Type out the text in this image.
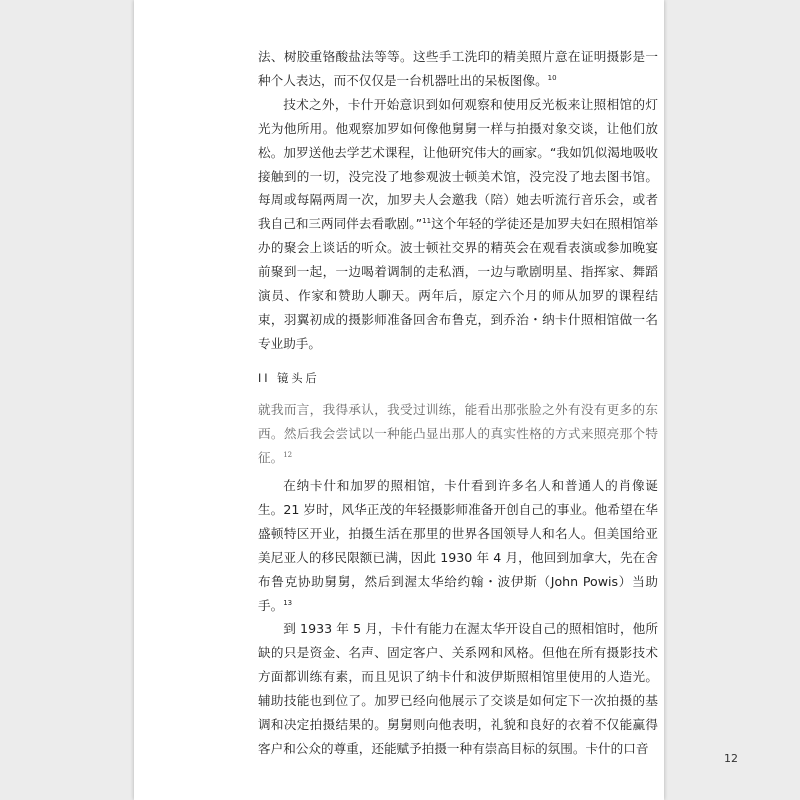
法、树胶重铬酸盐法等等。这些手工洗印的精美照片意在证明摄影是一种个人表达，而不仅仅是一台机器吐出的呆板图像。$^{10}$

技术之外，卡什开始意识到如何观察和使用反光板来让照相馆的灯光为他所用。他观察加罗如何像他舅舅一样与拍摄对象交谈，让他们放松。加罗送他去学艺术课程，让他研究伟大的画家。“我如饥似渴地吸收接触到的一切，没完没了地参观波士顿美术馆，没完没了地去图书馆。每周或每隔两周一次，加罗夫人会邀我（陪）她去听流行音乐会，或者我自己和三两同伴去看歌剧。”$^{11}$这个年轻的学徒还是加罗夫妇在照相馆举办的聚会上谈话的听众。波士顿社交界的精英会在观看表演或参加晚宴前聚到一起，一边喝着调制的走私酒，一边与歌剧明星、指挥家、舞蹈演员、作家和赞助人聊天。两年后，原定六个月的师从加罗的课程结束，羽翼初成的摄影师准备回舍布鲁克，到乔治・纳卡什照相馆做一名专业助手。

II 镜头后

就我而言，我得承认，我受过训练，能看出那张脸之外有没有更多的东西。然后我会尝试以一种能凸显出那人的真实性格的方式来照亮那个特征。$^{12}$

在纳卡什和加罗的照相馆，卡什看到许多名人和普通人的肖像诞生。21 岁时，风华正茂的年轻摄影师准备开创自己的事业。他希望在华盛顿特区开业，拍摄生活在那里的世界各国领导人和名人。但美国给亚美尼亚人的移民限额已满，因此 1930 年 4 月，他回到加拿大，先在舍布鲁克协助舅舅，然后到渥太华给约翰・波伊斯（John Powis）当助手。$^{13}$

到 1933 年 5 月，卡什有能力在渥太华开设自己的照相馆时，他所缺的只是资金、名声、固定客户、关系网和风格。但他在所有摄影技术方面都训练有素，而且见识了纳卡什和波伊斯照相馆里使用的人造光。辅助技能也到位了。加罗已经向他展示了交谈是如何定下一次拍摄的基调和决定拍摄结果的。舅舅则向他表明，礼貌和良好的衣着不仅能赢得客户和公众的尊重，还能赋予拍摄一种有崇高目标的氛围。卡什的口音

12
